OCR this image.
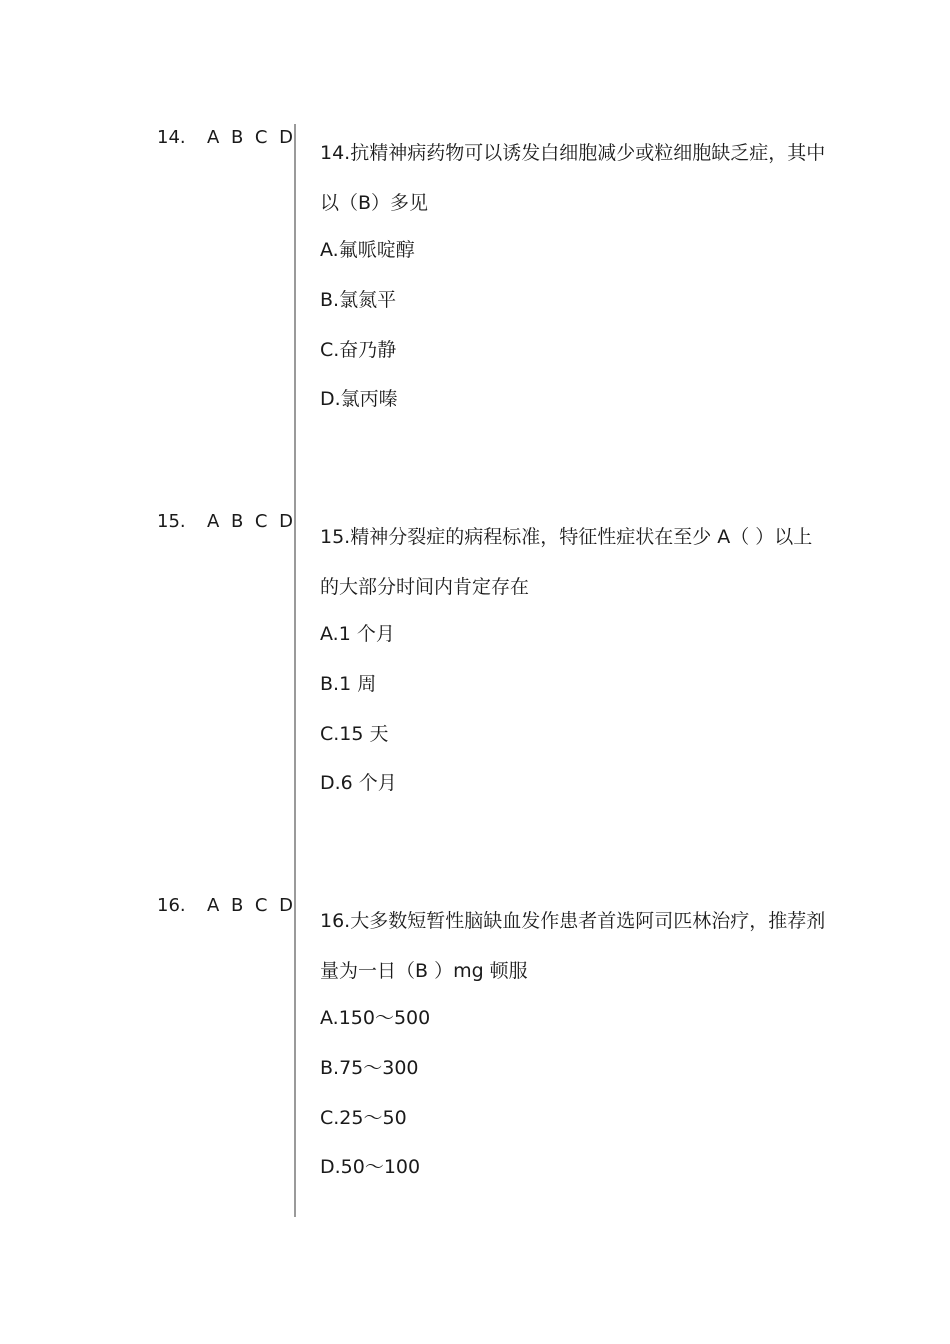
14. A B C D

14.抗精神病药物可以诱发白细胞减少或粒细胞缺乏症，其中以（B）多见

A.氟哌啶醇
B.氯氮平
C.奋乃静
D.氯丙嗪
15. A B C D

15.精神分裂症的病程标准，特征性症状在至少 A（ ）以上的大部分时间内肯定存在

A.1 个月
B.1 周
C.15 天
D.6 个月
16. A B C D

16.大多数短暂性脑缺血发作患者首选阿司匹林治疗，推荐剂量为一日（B ）mg 顿服

A.150～500
B.75～300
C.25～50
D.50～100
